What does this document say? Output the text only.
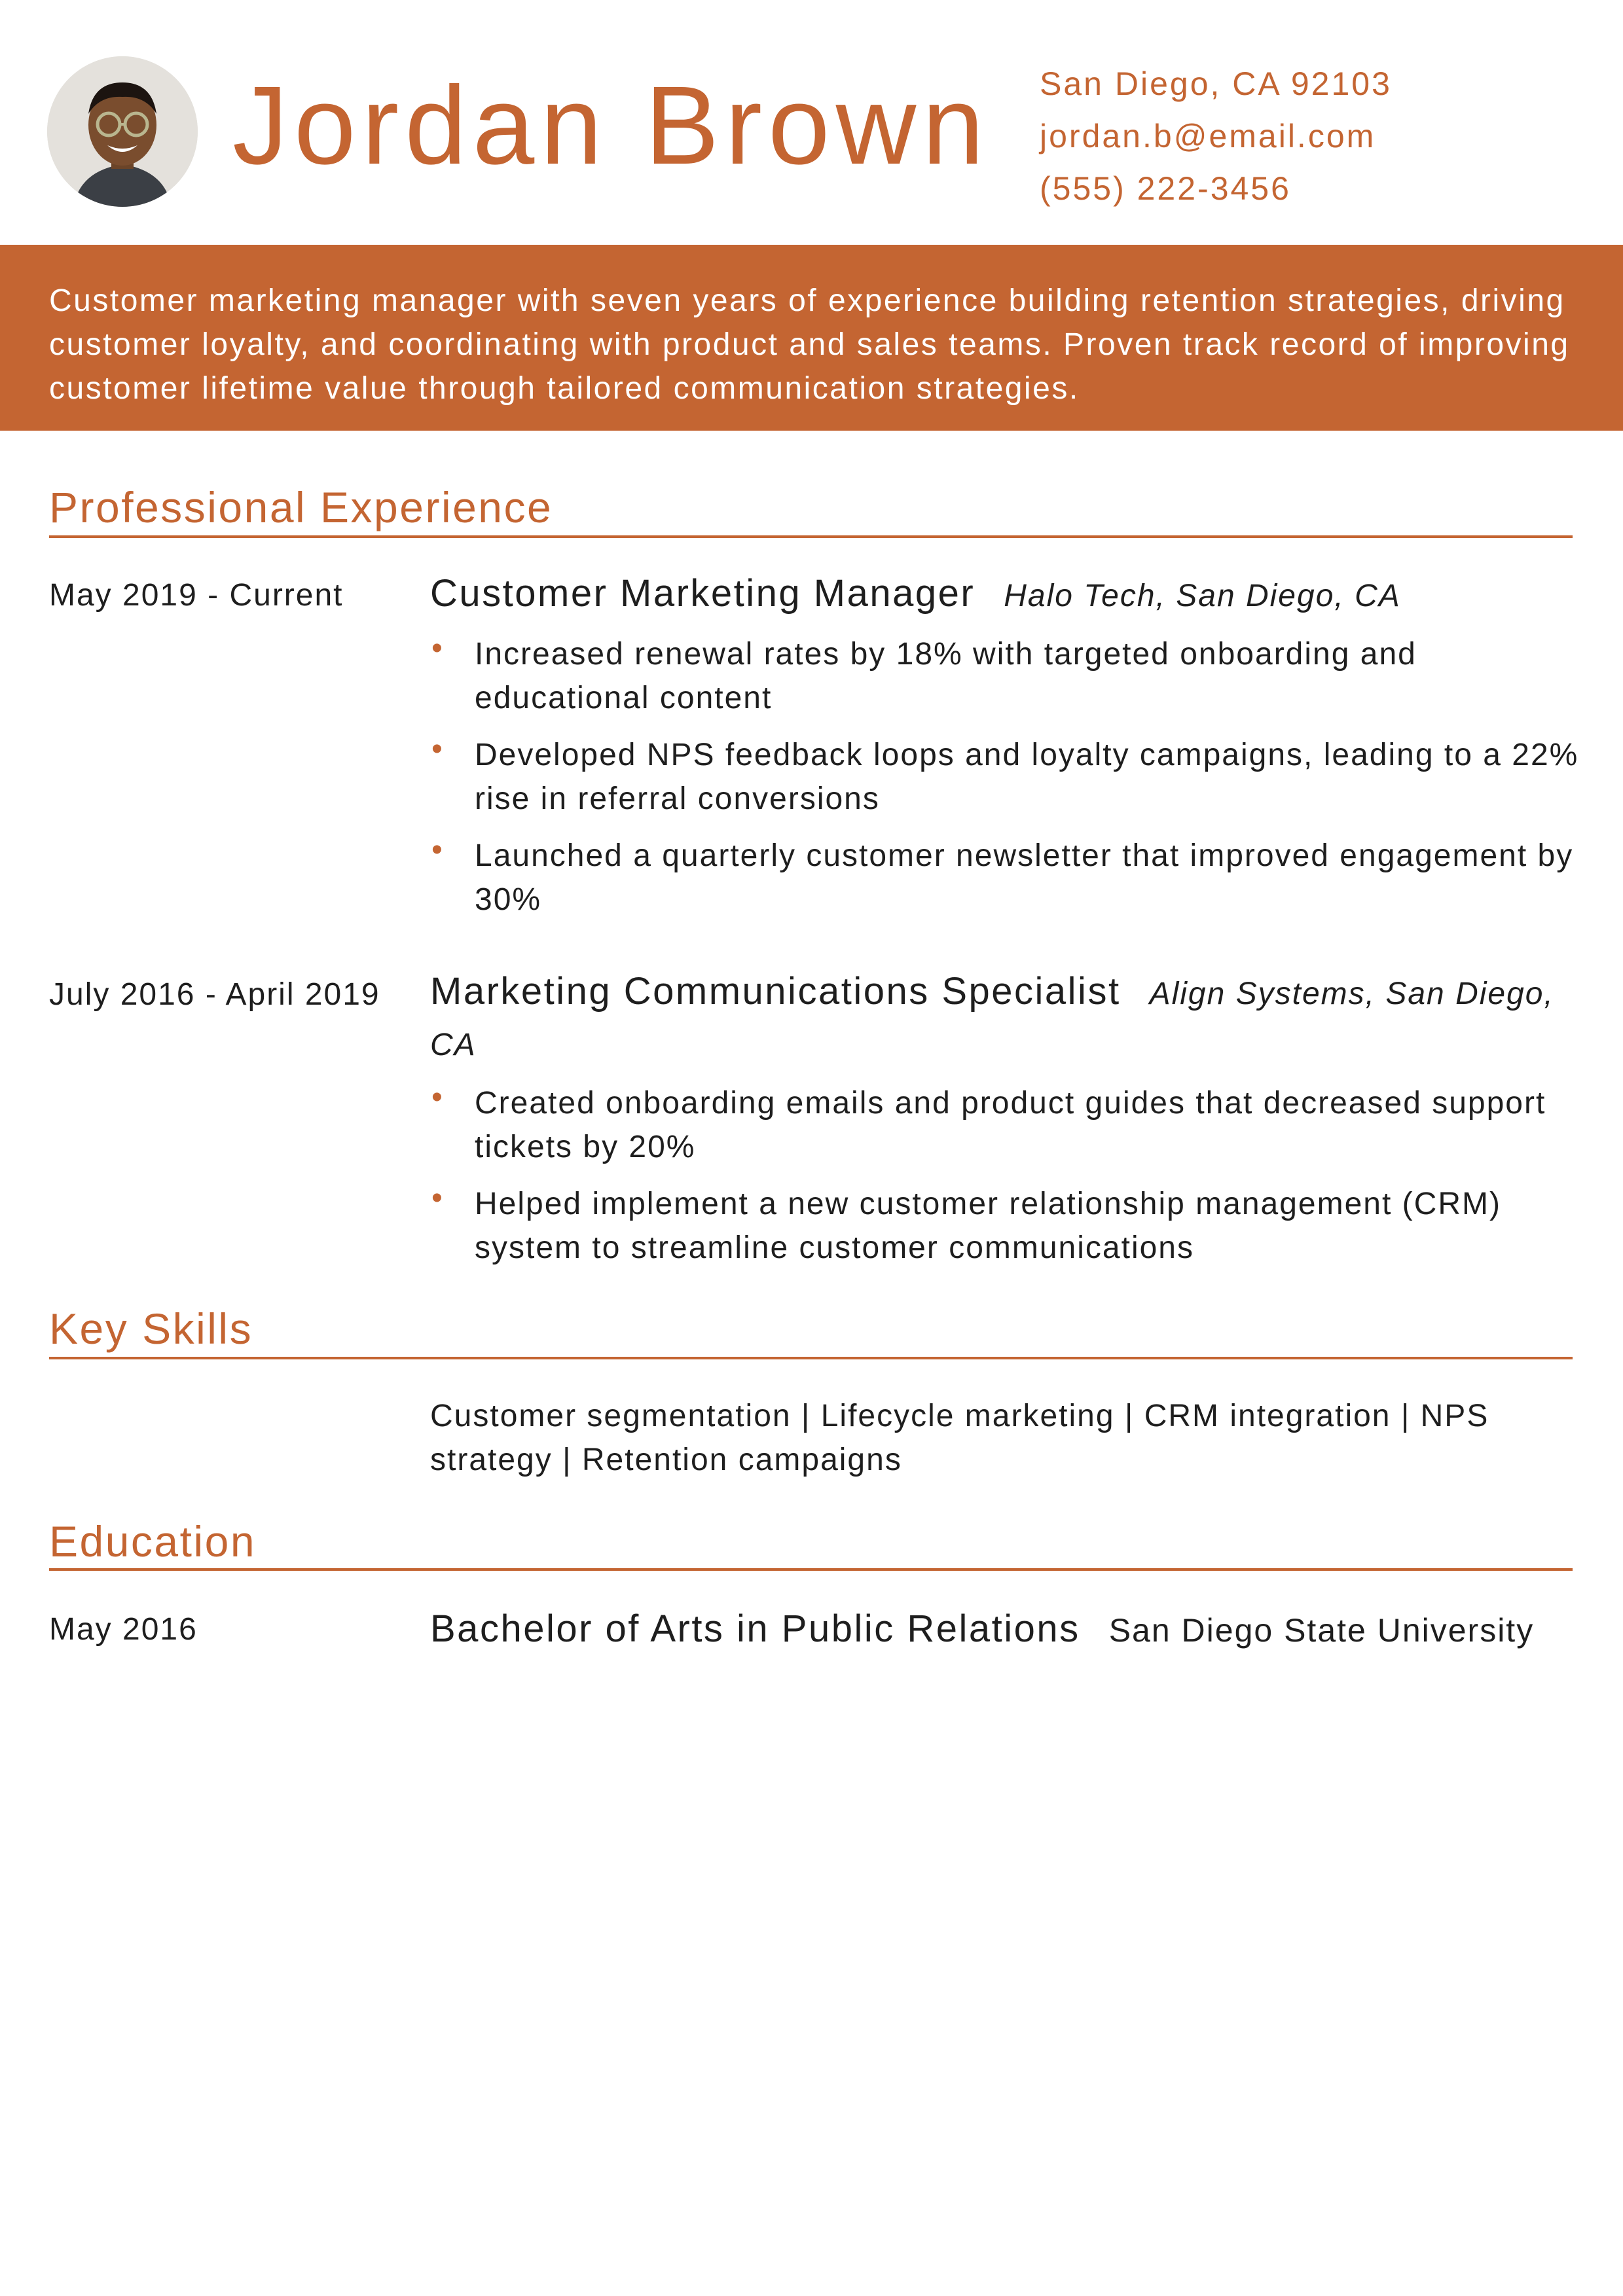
Jordan Brown San Diego, CA 92103
jordan.b@email.com
(555) 222-3456
Customer marketing manager with seven years of experience building retention strategies, driving customer loyalty, and coordinating with product and sales teams. Proven track record of improving customer lifetime value through tailored communication strategies.
Professional Experience
May 2019 - Current	Customer Marketing Manager Halo Tech, San Diego, CA
• Increased renewal rates by 18% with targeted onboarding and educational content
• Developed NPS feedback loops and loyalty campaigns, leading to a 22% rise in referral conversions
• Launched a quarterly customer newsletter that improved engagement by 30%
July 2016 - April 2019 Marketing Communications Specialist Align Systems, San Diego, CA
• Created onboarding emails and product guides that decreased support tickets by 20%
• Helped implement a new customer relationship management (CRM) system to streamline customer communications
Key Skills
Customer segmentation | Lifecycle marketing | CRM integration | NPS strategy | Retention campaigns
Education
May 2016	Bachelor of Arts in Public Relations San Diego State University
